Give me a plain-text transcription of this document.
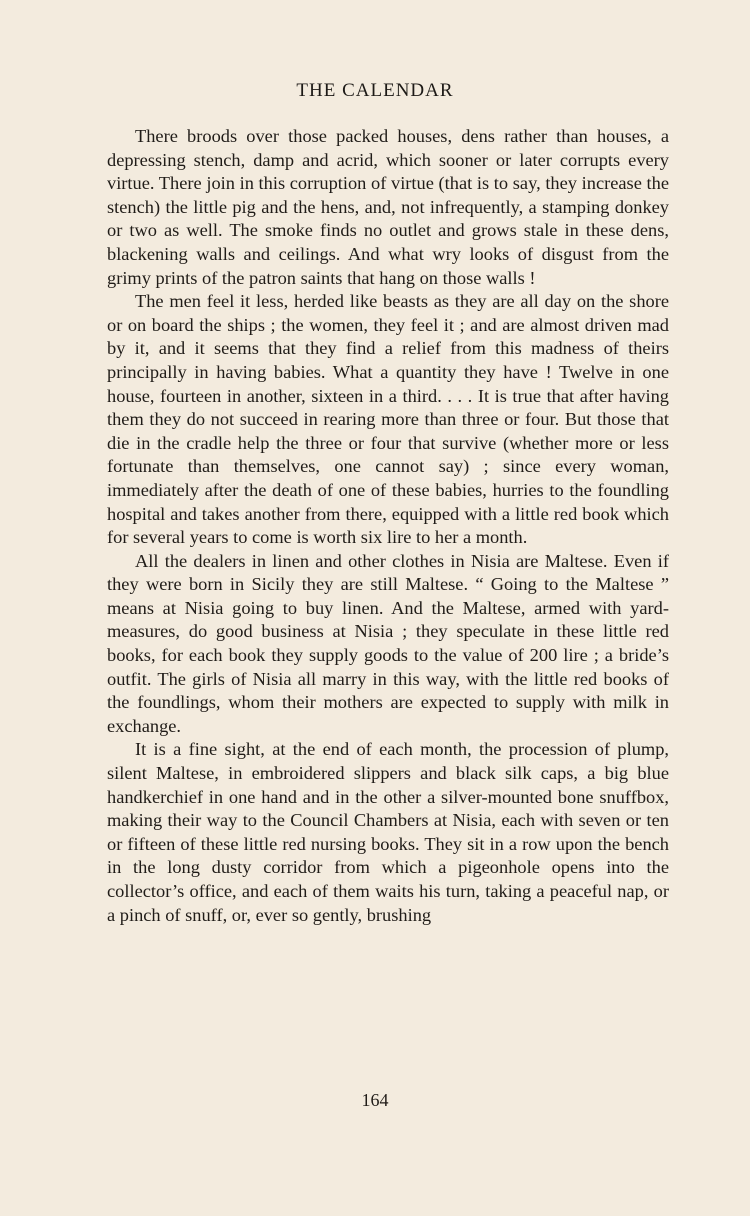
THE CALENDAR

There broods over those packed houses, dens rather than houses, a depressing stench, damp and acrid, which sooner or later corrupts every virtue. There join in this corruption of virtue (that is to say, they increase the stench) the little pig and the hens, and, not infrequently, a stamping donkey or two as well. The smoke finds no outlet and grows stale in these dens, blackening walls and ceilings. And what wry looks of disgust from the grimy prints of the patron saints that hang on those walls !

The men feel it less, herded like beasts as they are all day on the shore or on board the ships ; the women, they feel it ; and are almost driven mad by it, and it seems that they find a relief from this madness of theirs principally in having babies. What a quantity they have ! Twelve in one house, fourteen in another, sixteen in a third. . . . It is true that after having them they do not succeed in rearing more than three or four. But those that die in the cradle help the three or four that survive (whether more or less fortunate than themselves, one cannot say) ; since every woman, immediately after the death of one of these babies, hurries to the foundling hospital and takes another from there, equipped with a little red book which for several years to come is worth six lire to her a month.

All the dealers in linen and other clothes in Nisia are Maltese. Even if they were born in Sicily they are still Maltese. “ Going to the Maltese ” means at Nisia going to buy linen. And the Maltese, armed with yard-measures, do good business at Nisia ; they speculate in these little red books, for each book they supply goods to the value of 200 lire ; a bride’s outfit. The girls of Nisia all marry in this way, with the little red books of the foundlings, whom their mothers are expected to supply with milk in exchange.

It is a fine sight, at the end of each month, the procession of plump, silent Maltese, in embroidered slippers and black silk caps, a big blue handkerchief in one hand and in the other a silver-mounted bone snuffbox, making their way to the Council Chambers at Nisia, each with seven or ten or fifteen of these little red nursing books. They sit in a row upon the bench in the long dusty corridor from which a pigeonhole opens into the collector’s office, and each of them waits his turn, taking a peaceful nap, or a pinch of snuff, or, ever so gently, brushing

164
